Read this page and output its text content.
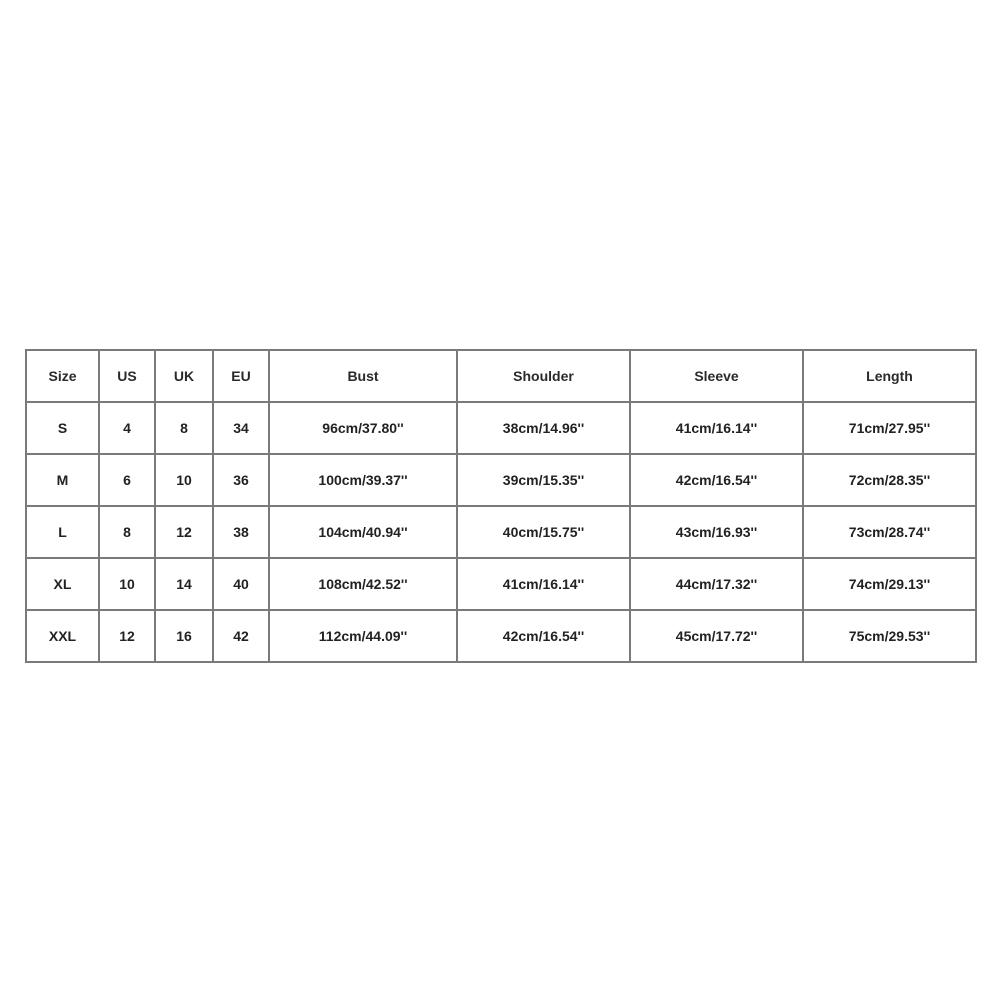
Size	US	UK	EU	Bust	Shoulder	Sleeve	Length
S	4	8	34	96cm/37.80''	38cm/14.96''	41cm/16.14''	71cm/27.95''
M	6	10	36	100cm/39.37''	39cm/15.35''	42cm/16.54''	72cm/28.35''
L	8	12	38	104cm/40.94''	40cm/15.75''	43cm/16.93''	73cm/28.74''
XL	10	14	40	108cm/42.52''	41cm/16.14''	44cm/17.32''	74cm/29.13''
XXL	12	16	42	112cm/44.09''	42cm/16.54''	45cm/17.72''	75cm/29.53''
